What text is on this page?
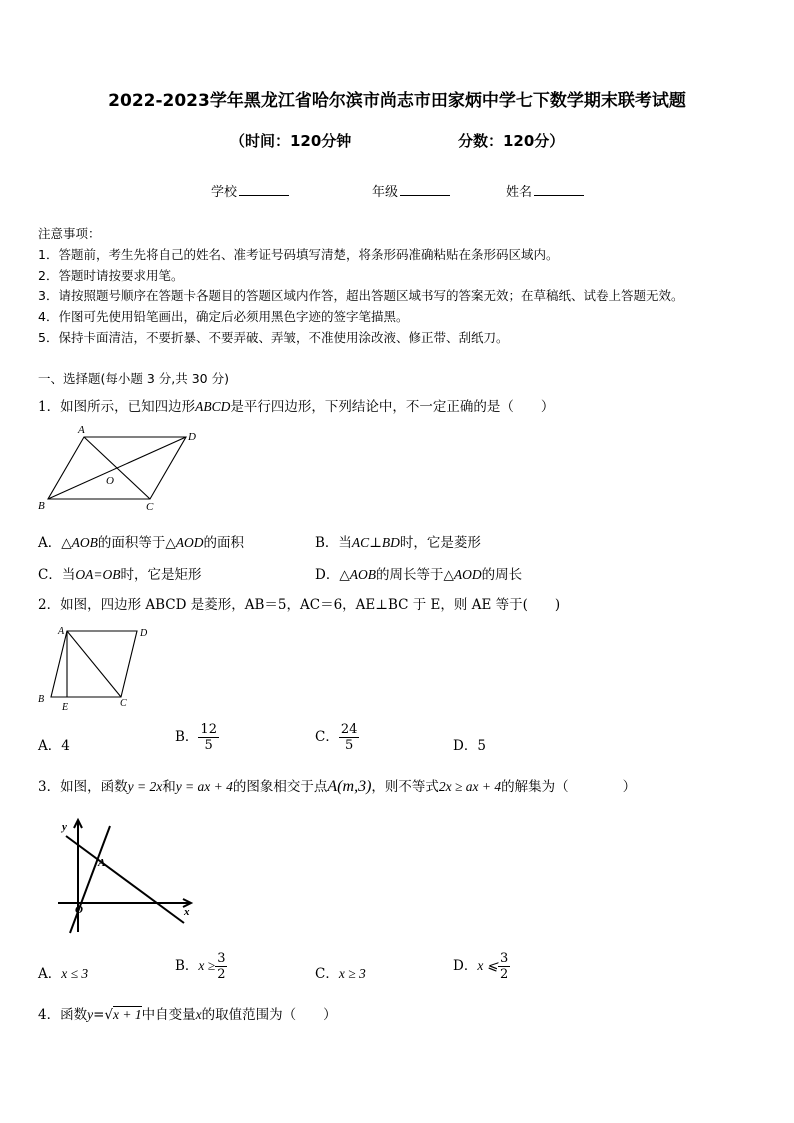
2022-2023学年黑龙江省哈尔滨市尚志市田家炳中学七下数学期末联考试题
（时间：120分钟	分数：120分）
学校	年级	姓名
注意事项：
1．答题前，考生先将自己的姓名、准考证号码填写清楚，将条形码准确粘贴在条形码区域内。
2．答题时请按要求用笔。
3．请按照题号顺序在答题卡各题目的答题区域内作答，超出答题区域书写的答案无效；在草稿纸、试卷上答题无效。
4．作图可先使用铅笔画出，确定后必须用黑色字迹的签字笔描黑。
5．保持卡面清洁，不要折暴、不要弄破、弄皱，不准使用涂改液、修正带、刮纸刀。
一、选择题(每小题 3 分,共 30 分)
1．如图所示，已知四边形ABCD是平行四边形，下列结论中，不一定正确的是（　　）
A
D
B	C
O
A．△AOB的面积等于△AOD的面积	B．当AC⊥BD时，它是菱形
C．当OA=OB时，它是矩形	D．△AOB的周长等于△AOD的周长
2．如图，四边形 ABCD 是菱形，AB＝5，AC＝6，AE⊥BC 于 E，则 AE 等于(　　)
A	D
B
E	C
A．4
B． $\frac{12}{5}$	C． $\frac{24}{5}$	D．5
3．如图，函数y = 2x和y = ax + 4的图象相交于点A(m,3)，则不等式2x ≥ ax + 4的解集为（　　　　）
y
x
O
A
A．x ≤ 3	B．$x \ge \frac{3}{2}$	C．x ≥ 3	D．x ⩽ $\frac{3}{2}$
4．函数y=√x + 1中自变量x的取值范围为（　　）
